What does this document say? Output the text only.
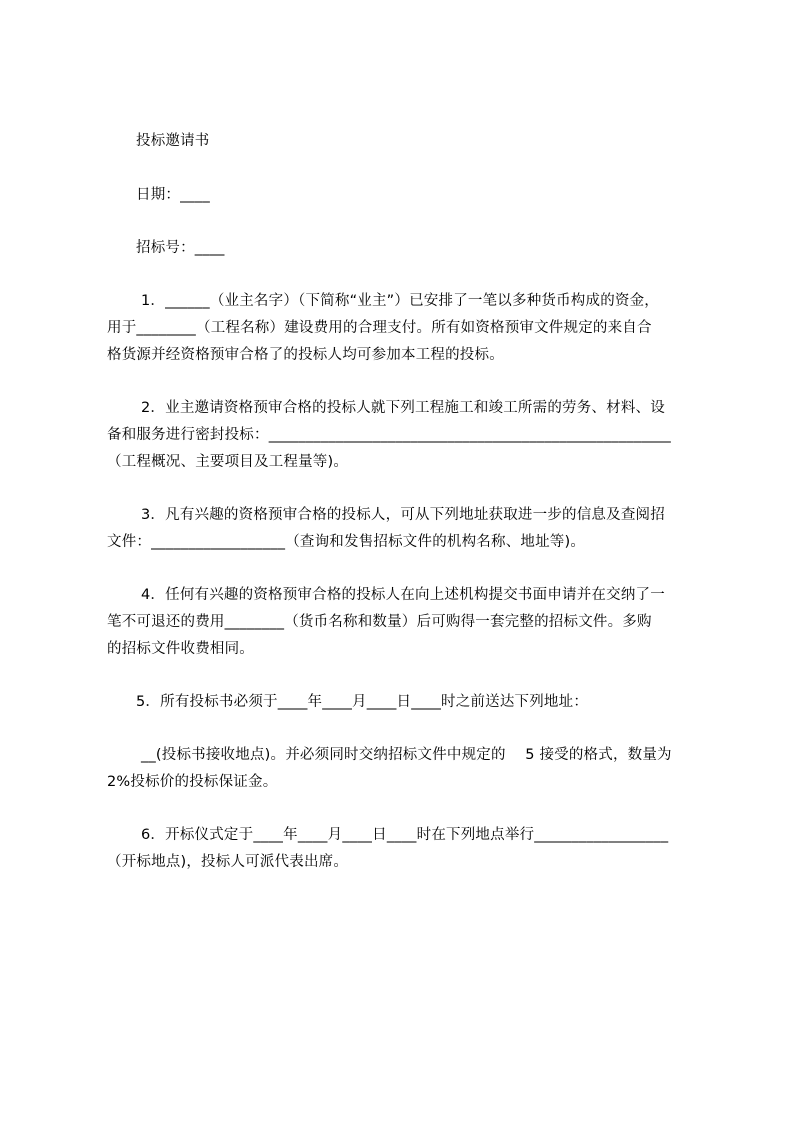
投标邀请书
日期：____
招标号：____
1．______（业主名字）（下简称“业主”）已安排了一笔以多种货币构成的资金，
用于________（工程名称）建设费用的合理支付。所有如资格预审文件规定的来自合
格货源并经资格预审合格了的投标人均可参加本工程的投标。
2．业主邀请资格预审合格的投标人就下列工程施工和竣工所需的劳务、材料、设
备和服务进行密封投标：______________________________________________________
（工程概况、主要项目及工程量等)。
3．凡有兴趣的资格预审合格的投标人，可从下列地址获取进一步的信息及查阅招
文件：__________________（查询和发售招标文件的机构名称、地址等)。
4．任何有兴趣的资格预审合格的投标人在向上述机构提交书面申请并在交纳了一
笔不可退还的费用________（货币名称和数量）后可购得一套完整的招标文件。多购
的招标文件收费相同。
5．所有投标书必须于____年____月____日____时之前送达下列地址：
__(投标书接收地点)。并必须同时交纳招标文件中规定的　 5 接受的格式，数量为
2%投标价的投标保证金。
6．开标仪式定于____年____月____日____时在下列地点举行__________________
（开标地点)，投标人可派代表出席。
